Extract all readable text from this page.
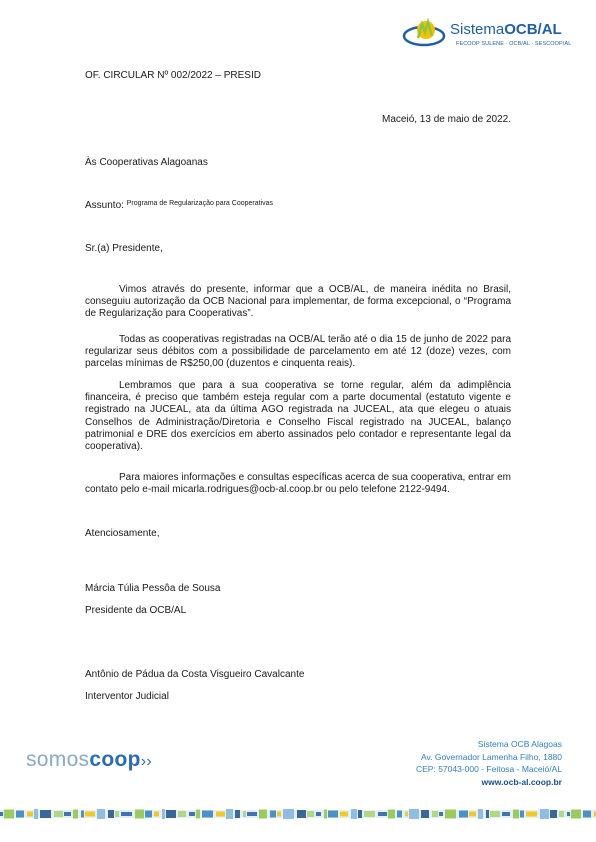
SistemaOCB/AL
FECOOP SULENE · OCB/AL · SESCOOP/AL
OF. CIRCULAR Nº 002/2022 – PRESID
Maceió, 13 de maio de 2022.
Às Cooperativas Alagoanas
Assunto: $^{Programa de Regularização para Cooperativas}$
Sr.(a) Presidente,
Vimos através do presente, informar que a OCB/AL, de maneira inédita no Brasil, conseguiu autorização da OCB Nacional para implementar, de forma excepcional, o “Programa de Regularização para Cooperativas”.
Todas as cooperativas registradas na OCB/AL terão até o dia 15 de junho de 2022 para regularizar seus débitos com a possibilidade de parcelamento em até 12 (doze) vezes, com parcelas mínimas de R$250,00 (duzentos e cinquenta reais).
Lembramos que para a sua cooperativa se torne regular, além da adimplência financeira, é preciso que também esteja regular com a parte documental (estatuto vigente e registrado na JUCEAL, ata da última AGO registrada na JUCEAL, ata que elegeu o atuais Conselhos de Administração/Diretoria e Conselho Fiscal registrado na JUCEAL, balanço patrimonial e DRE dos exercícios em aberto assinados pelo contador e representante legal da cooperativa).
Para maiores informações e consultas específicas acerca de sua cooperativa, entrar em contato pelo e-mail micarla.rodrigues@ocb-al.coop.br ou pelo telefone 2122-9494.
Atenciosamente,
Márcia Túlia Pessôa de Sousa
Presidente da OCB/AL
Antônio de Pádua da Costa Visgueiro Cavalcante
Interventor Judicial
somoscoop››
Sistema OCB Alagoas
Av. Governador Lamenha Filho, 1880
CEP: 57043-000 - Feitosa - Maceió/AL
www.ocb-al.coop.br
